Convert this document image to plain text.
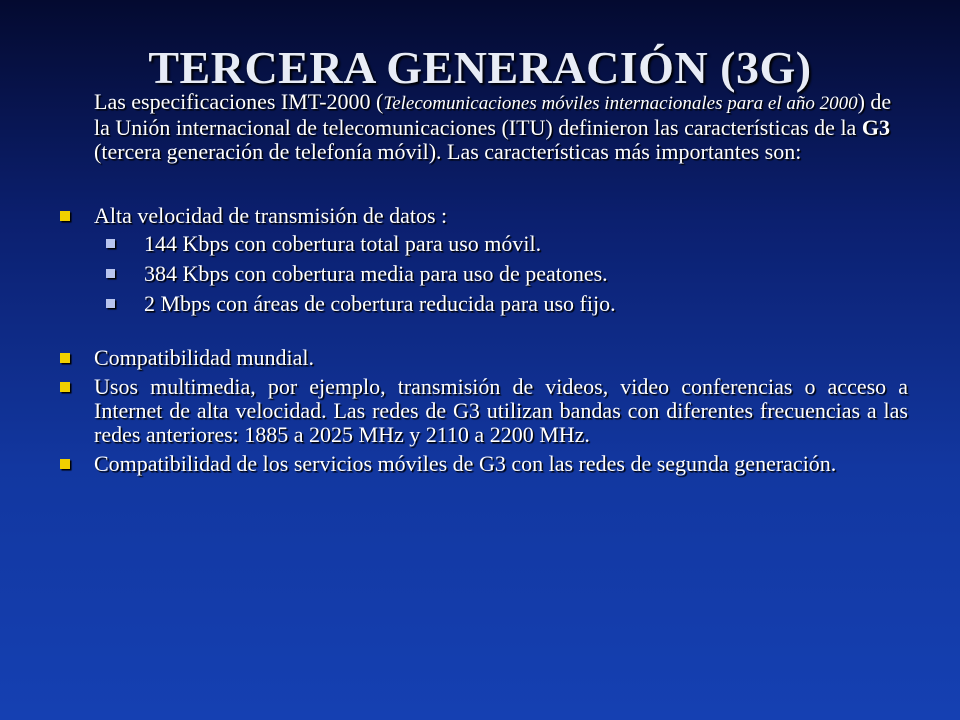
TERCERA GENERACIÓN (3G)

Las especificaciones IMT-2000 (Telecomunicaciones móviles internacionales para el año 2000) de la Unión internacional de telecomunicaciones (ITU) definieron las características de la G3 (tercera generación de telefonía móvil). Las características más importantes son:

Alta velocidad de transmisión de datos :
144 Kbps con cobertura total para uso móvil.
384 Kbps con cobertura media para uso de peatones.
2 Mbps con áreas de cobertura reducida para uso fijo.
Compatibilidad mundial.
Usos multimedia, por ejemplo, transmisión de videos, video conferencias o acceso a Internet de alta velocidad. Las redes de G3 utilizan bandas con diferentes frecuencias a las redes anteriores: 1885 a 2025 MHz y 2110 a 2200 MHz.
Compatibilidad de los servicios móviles de G3 con las redes de segunda generación.
